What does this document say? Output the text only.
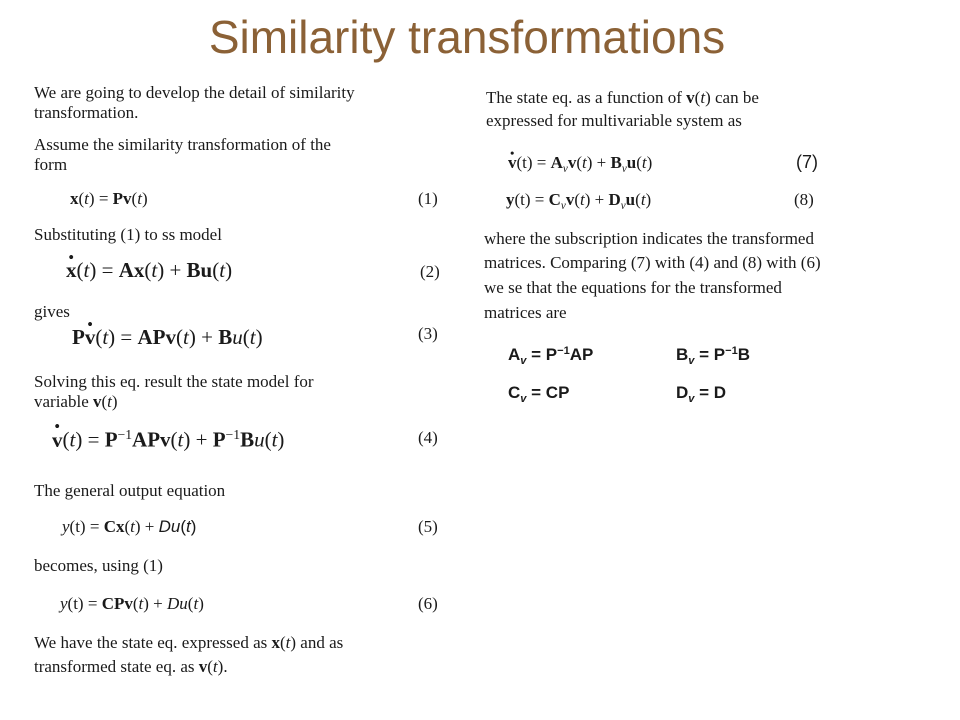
Similarity transformations
We are going to develop the detail of similarity
transformation.
Assume the similarity transformation of the
form
x(t) = Pv(t)	(1)
Substituting (1) to ss model
• x(t) = Ax(t) + Bu(t)	(2)
gives
P• v(t) = APv(t) + Bu(t)	(3)
Solving this eq. result the state model for
variable v(t)
• $v(t) = P^{-1}APv(t) + P^{-1}Bu(t)$	(4)
The general output equation
y(t) = Cx(t) + Du(t)	(5)
becomes, using (1)
y(t) = CPv(t) + Du(t)	(6)
We have the state eq. expressed as x(t) and as
transformed state eq. as v(t).
The state eq. as a function of v(t) can be
expressed for multivariable system as
• $v(t) = A_vv(t) + B_vu(t)$	(7)
$y(t) = C_vv(t) + D_vu(t)$	(8)
where the subscription indicates the transformed
matrices. Comparing (7) with (4) and (8) with (6)
we se that the equations for the transformed
matrices are
$A_v = P^{-1}AP$	$B_v = P^{-1}B$
$C_v$ = CP	$D_v = D$
